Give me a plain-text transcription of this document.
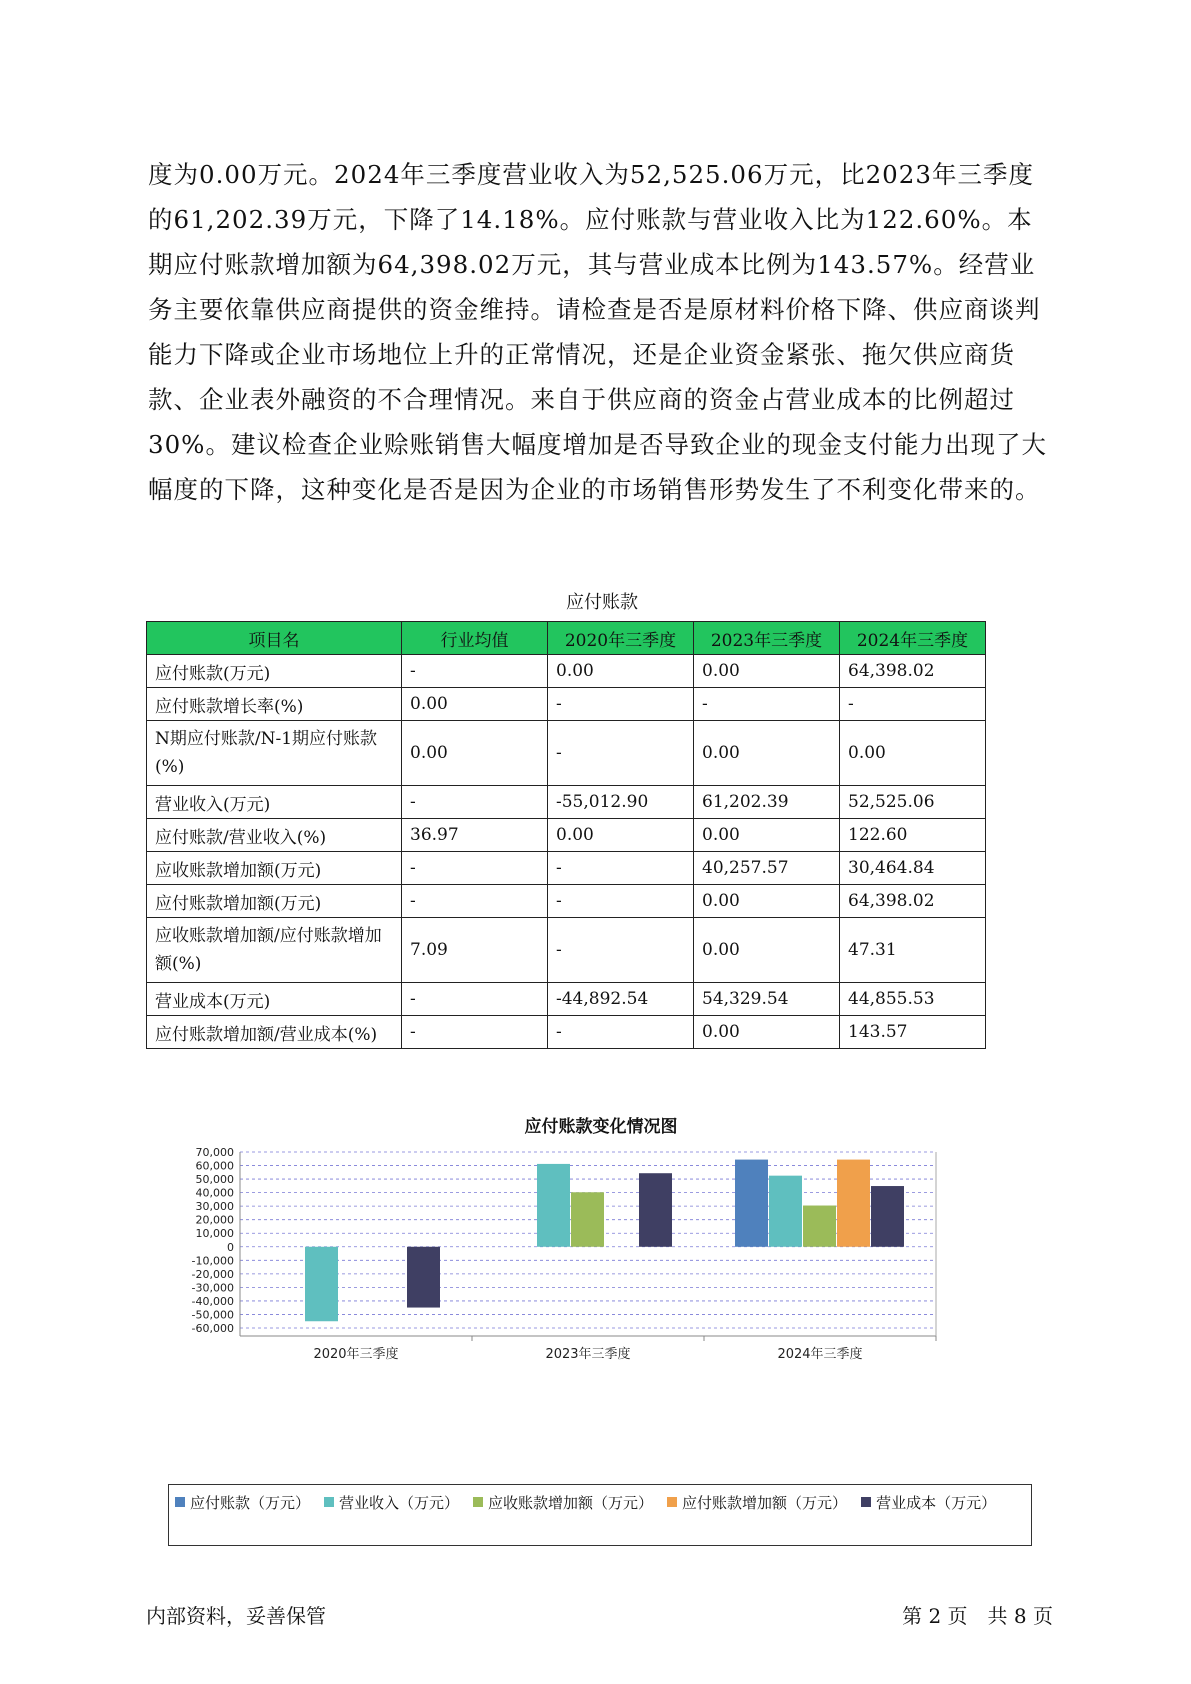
度为0.00万元。2024年三季度营业收入为52,525.06万元，比2023年三季度的61,202.39万元，下降了14.18%。应付账款与营业收入比为122.60%。本期应付账款增加额为64,398.02万元，其与营业成本比例为143.57%。经营业务主要依靠供应商提供的资金维持。请检查是否是原材料价格下降、供应商谈判能力下降或企业市场地位上升的正常情况，还是企业资金紧张、拖欠供应商货款、企业表外融资的不合理情况。来自于供应商的资金占营业成本的比例超过30%。建议检查企业赊账销售大幅度增加是否导致企业的现金支付能力出现了大幅度的下降，这种变化是否是因为企业的市场销售形势发生了不利变化带来的。

应付账款
项目名	行业均值	2020年三季度	2023年三季度	2024年三季度
应付账款(万元)	-	0.00	0.00	64,398.02
应付账款增长率(%)	0.00	-	-	-
N期应付账款/N-1期应付账款(%)	0.00	-	0.00	0.00
营业收入(万元)	-	-55,012.90	61,202.39	52,525.06
应付账款/营业收入(%)	36.97	0.00	0.00	122.60
应收账款增加额(万元)	-	-	40,257.57	30,464.84
应付账款增加额(万元)	-	-	0.00	64,398.02
应收账款增加额/应付账款增加额(%)	7.09	-	0.00	47.31
营业成本(万元)	-	-44,892.54	54,329.54	44,855.53
应付账款增加额/营业成本(%)	-	-	0.00	143.57
应付账款变化情况图
70,000
60,000
50,000
40,000
30,000
20,000
10,000
0
-10,000
-20,000
-30,000
-40,000
-50,000
-60,000
2020年三季度	2023年三季度	2024年三季度
应付账款（万元） 营业收入（万元） 应收账款增加额（万元） 应付账款增加额（万元） 营业成本（万元）
内部资料，妥善保管	第 2 页　共 8 页
